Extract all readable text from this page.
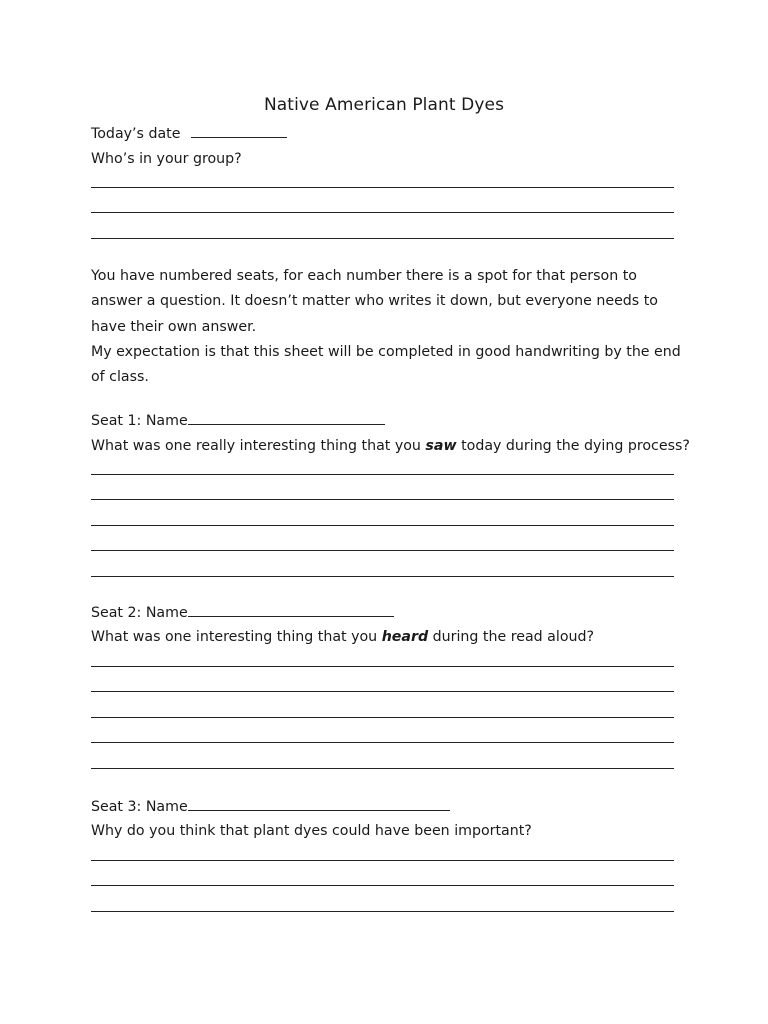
Native American Plant Dyes
Today’s date
Who’s in your group?
You have numbered seats, for each number there is a spot for that person to
answer a question. It doesn’t matter who writes it down, but everyone needs to
have their own answer.
My expectation is that this sheet will be completed in good handwriting by the end
of class.
Seat 1: Name
What was one really interesting thing that you saw today during the dying process?
Seat 2: Name
What was one interesting thing that you heard during the read aloud?
Seat 3: Name
Why do you think that plant dyes could have been important?
